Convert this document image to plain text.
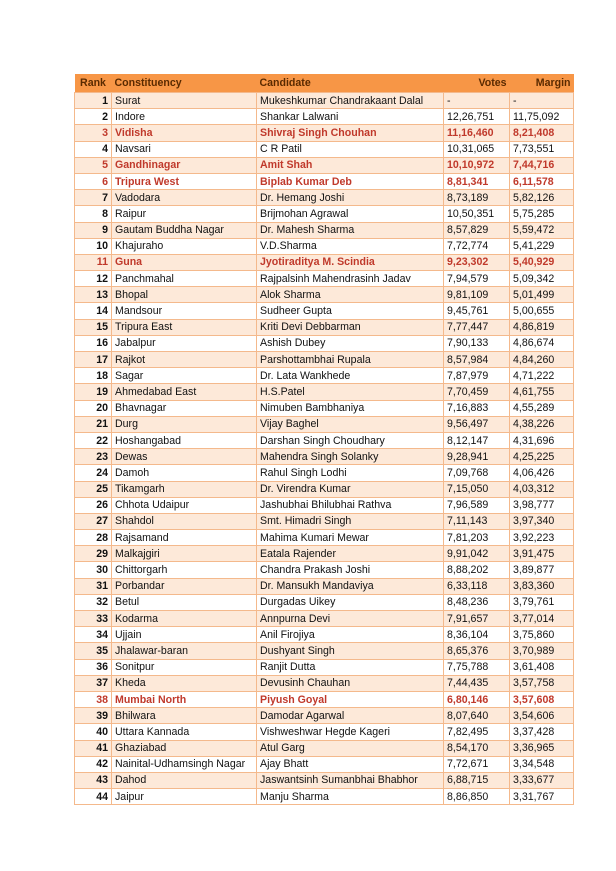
Rank	Constituency	Candidate	Votes	Margin
1	Surat	Mukeshkumar Chandrakaant Dalal	-	-
2	Indore	Shankar Lalwani	12,26,751	11,75,092
3	Vidisha	Shivraj Singh Chouhan	11,16,460	8,21,408
4	Navsari	C R Patil	10,31,065	7,73,551
5	Gandhinagar	Amit Shah	10,10,972	7,44,716
6	Tripura West	Biplab Kumar Deb	8,81,341	6,11,578
7	Vadodara	Dr. Hemang Joshi	8,73,189	5,82,126
8	Raipur	Brijmohan Agrawal	10,50,351	5,75,285
9	Gautam Buddha Nagar	Dr. Mahesh Sharma	8,57,829	5,59,472
10	Khajuraho	V.D.Sharma	7,72,774	5,41,229
11	Guna	Jyotiraditya M. Scindia	9,23,302	5,40,929
12	Panchmahal	Rajpalsinh Mahendrasinh Jadav	7,94,579	5,09,342
13	Bhopal	Alok Sharma	9,81,109	5,01,499
14	Mandsour	Sudheer Gupta	9,45,761	5,00,655
15	Tripura East	Kriti Devi Debbarman	7,77,447	4,86,819
16	Jabalpur	Ashish Dubey	7,90,133	4,86,674
17	Rajkot	Parshottambhai Rupala	8,57,984	4,84,260
18	Sagar	Dr. Lata Wankhede	7,87,979	4,71,222
19	Ahmedabad East	H.S.Patel	7,70,459	4,61,755
20	Bhavnagar	Nimuben Bambhaniya	7,16,883	4,55,289
21	Durg	Vijay Baghel	9,56,497	4,38,226
22	Hoshangabad	Darshan Singh Choudhary	8,12,147	4,31,696
23	Dewas	Mahendra Singh Solanky	9,28,941	4,25,225
24	Damoh	Rahul Singh Lodhi	7,09,768	4,06,426
25	Tikamgarh	Dr. Virendra Kumar	7,15,050	4,03,312
26	Chhota Udaipur	Jashubhai Bhilubhai Rathva	7,96,589	3,98,777
27	Shahdol	Smt. Himadri Singh	7,11,143	3,97,340
28	Rajsamand	Mahima Kumari Mewar	7,81,203	3,92,223
29	Malkajgiri	Eatala Rajender	9,91,042	3,91,475
30	Chittorgarh	Chandra Prakash Joshi	8,88,202	3,89,877
31	Porbandar	Dr. Mansukh Mandaviya	6,33,118	3,83,360
32	Betul	Durgadas Uikey	8,48,236	3,79,761
33	Kodarma	Annpurna Devi	7,91,657	3,77,014
34	Ujjain	Anil Firojiya	8,36,104	3,75,860
35	Jhalawar-baran	Dushyant Singh	8,65,376	3,70,989
36	Sonitpur	Ranjit Dutta	7,75,788	3,61,408
37	Kheda	Devusinh Chauhan	7,44,435	3,57,758
38	Mumbai North	Piyush Goyal	6,80,146	3,57,608
39	Bhilwara	Damodar Agarwal	8,07,640	3,54,606
40	Uttara Kannada	Vishweshwar Hegde Kageri	7,82,495	3,37,428
41	Ghaziabad	Atul Garg	8,54,170	3,36,965
42	Nainital-Udhamsingh Nagar	Ajay Bhatt	7,72,671	3,34,548
43	Dahod	Jaswantsinh Sumanbhai Bhabhor	6,88,715	3,33,677
44	Jaipur	Manju Sharma	8,86,850	3,31,767
